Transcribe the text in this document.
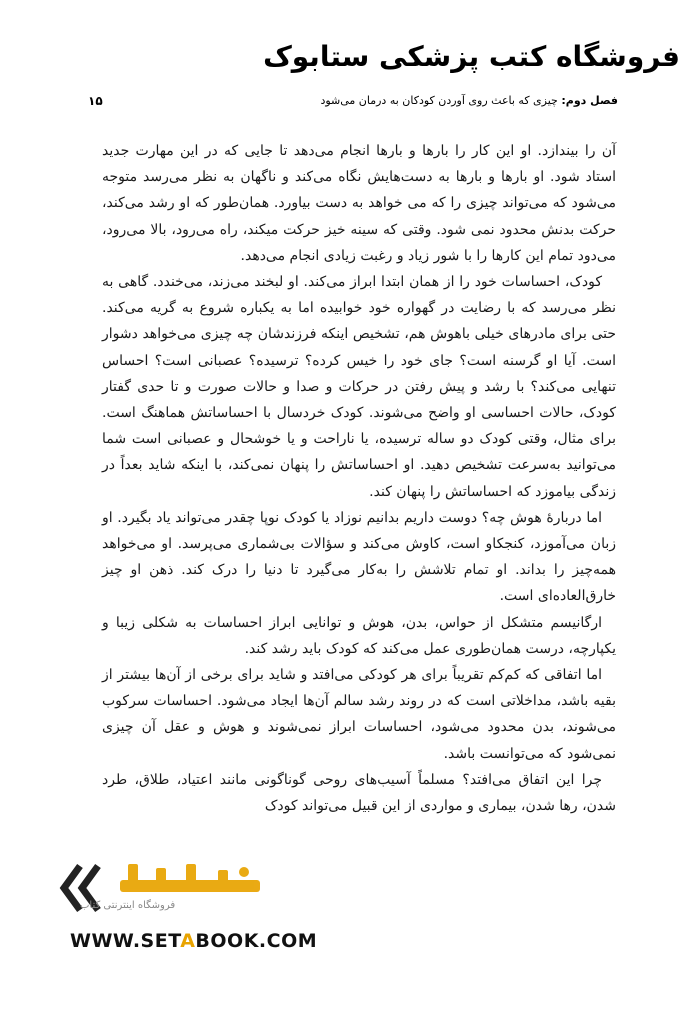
فروشگاه کتب پزشکی ستابوک
فصل دوم: چیزی که باعث روی آوردن کودکان به درمان می‌شود
۱۵

آن را بیندازد. او این کار را بارها و بارها انجام می‌دهد تا جایی که در این مهارت جدید استاد شود. او بارها و بارها به دست‌هایش نگاه می‌کند و ناگهان به نظر می‌رسد متوجه می‌شود که می‌تواند چیزی را که می خواهد به دست بیاورد. همان‌طور که او رشد می‌کند، حرکت بدنش محدود نمی شود. وقتی که سینه خیز حرکت میکند، راه می‌رود، بالا می‌رود، می‌دود تمام این کارها را با شور زیاد و رغبت زیادی انجام می‌دهد.

کودک، احساسات خود را از همان ابتدا ابراز می‌کند. او لبخند می‌زند، می‌خندد. گاهی به نظر می‌رسد که با رضایت در گهواره خود خوابیده اما به یکباره شروع به گریه می‌کند. حتی برای مادرهای خیلی باهوش هم، تشخیص اینکه فرزندشان چه چیزی می‌خواهد دشوار است. آیا او گرسنه است؟ جای خود را خیس کرده؟ ترسیده؟ عصبانی است؟ احساس تنهایی می‌کند؟ با رشد و پیش رفتن در حرکات و صدا و حالات صورت و تا حدی گفتار کودک، حالات احساسی او واضح می‌شوند. کودک خردسال با احساساتش هماهنگ است. برای مثال، وقتی کودک دو ساله ترسیده، یا ناراحت و یا خوشحال و عصبانی است شما می‌توانید به‌سرعت تشخیص دهید. او احساساتش را پنهان نمی‌کند، با اینکه شاید بعداً در زندگی بیاموزد که احساساتش را پنهان کند.

اما دربارهٔ هوش چه؟ دوست داریم بدانیم نوزاد یا کودک نوپا چقدر می‌تواند یاد بگیرد. او زبان می‌آموزد، کنجکاو است، کاوش می‌کند و سؤالات بی‌شماری می‌پرسد. او می‌خواهد همه‌چیز را بداند. او تمام تلاشش را به‌کار می‌گیرد تا دنیا را درک کند. ذهن او چیز خارق‌العاده‌ای است.

ارگانیسم متشکل از حواس، بدن، هوش و توانایی ابراز احساسات به شکلی زیبا و یکپارچه، درست همان‌طوری عمل می‌کند که کودک باید رشد کند.

اما اتفاقی که کم‌کم تقریباً برای هر کودکی می‌افتد و شاید برای برخی از آن‌ها بیشتر از بقیه باشد، مداخلاتی است که در روند رشد سالم آن‌ها ایجاد می‌شود. احساسات سرکوب می‌شوند، بدن محدود می‌شود، احساسات ابراز نمی‌شوند و هوش و عقل آن چیزی نمی‌شود که می‌توانست باشد.

چرا این اتفاق می‌افتد؟ مسلماً آسیب‌های روحی گوناگونی مانند اعتیاد، طلاق، طرد شدن، رها شدن، بیماری و مواردی از این قبیل می‌تواند کودک

فروشگاه اینترنتی کتاب
WWW.SETABOOK.COM
